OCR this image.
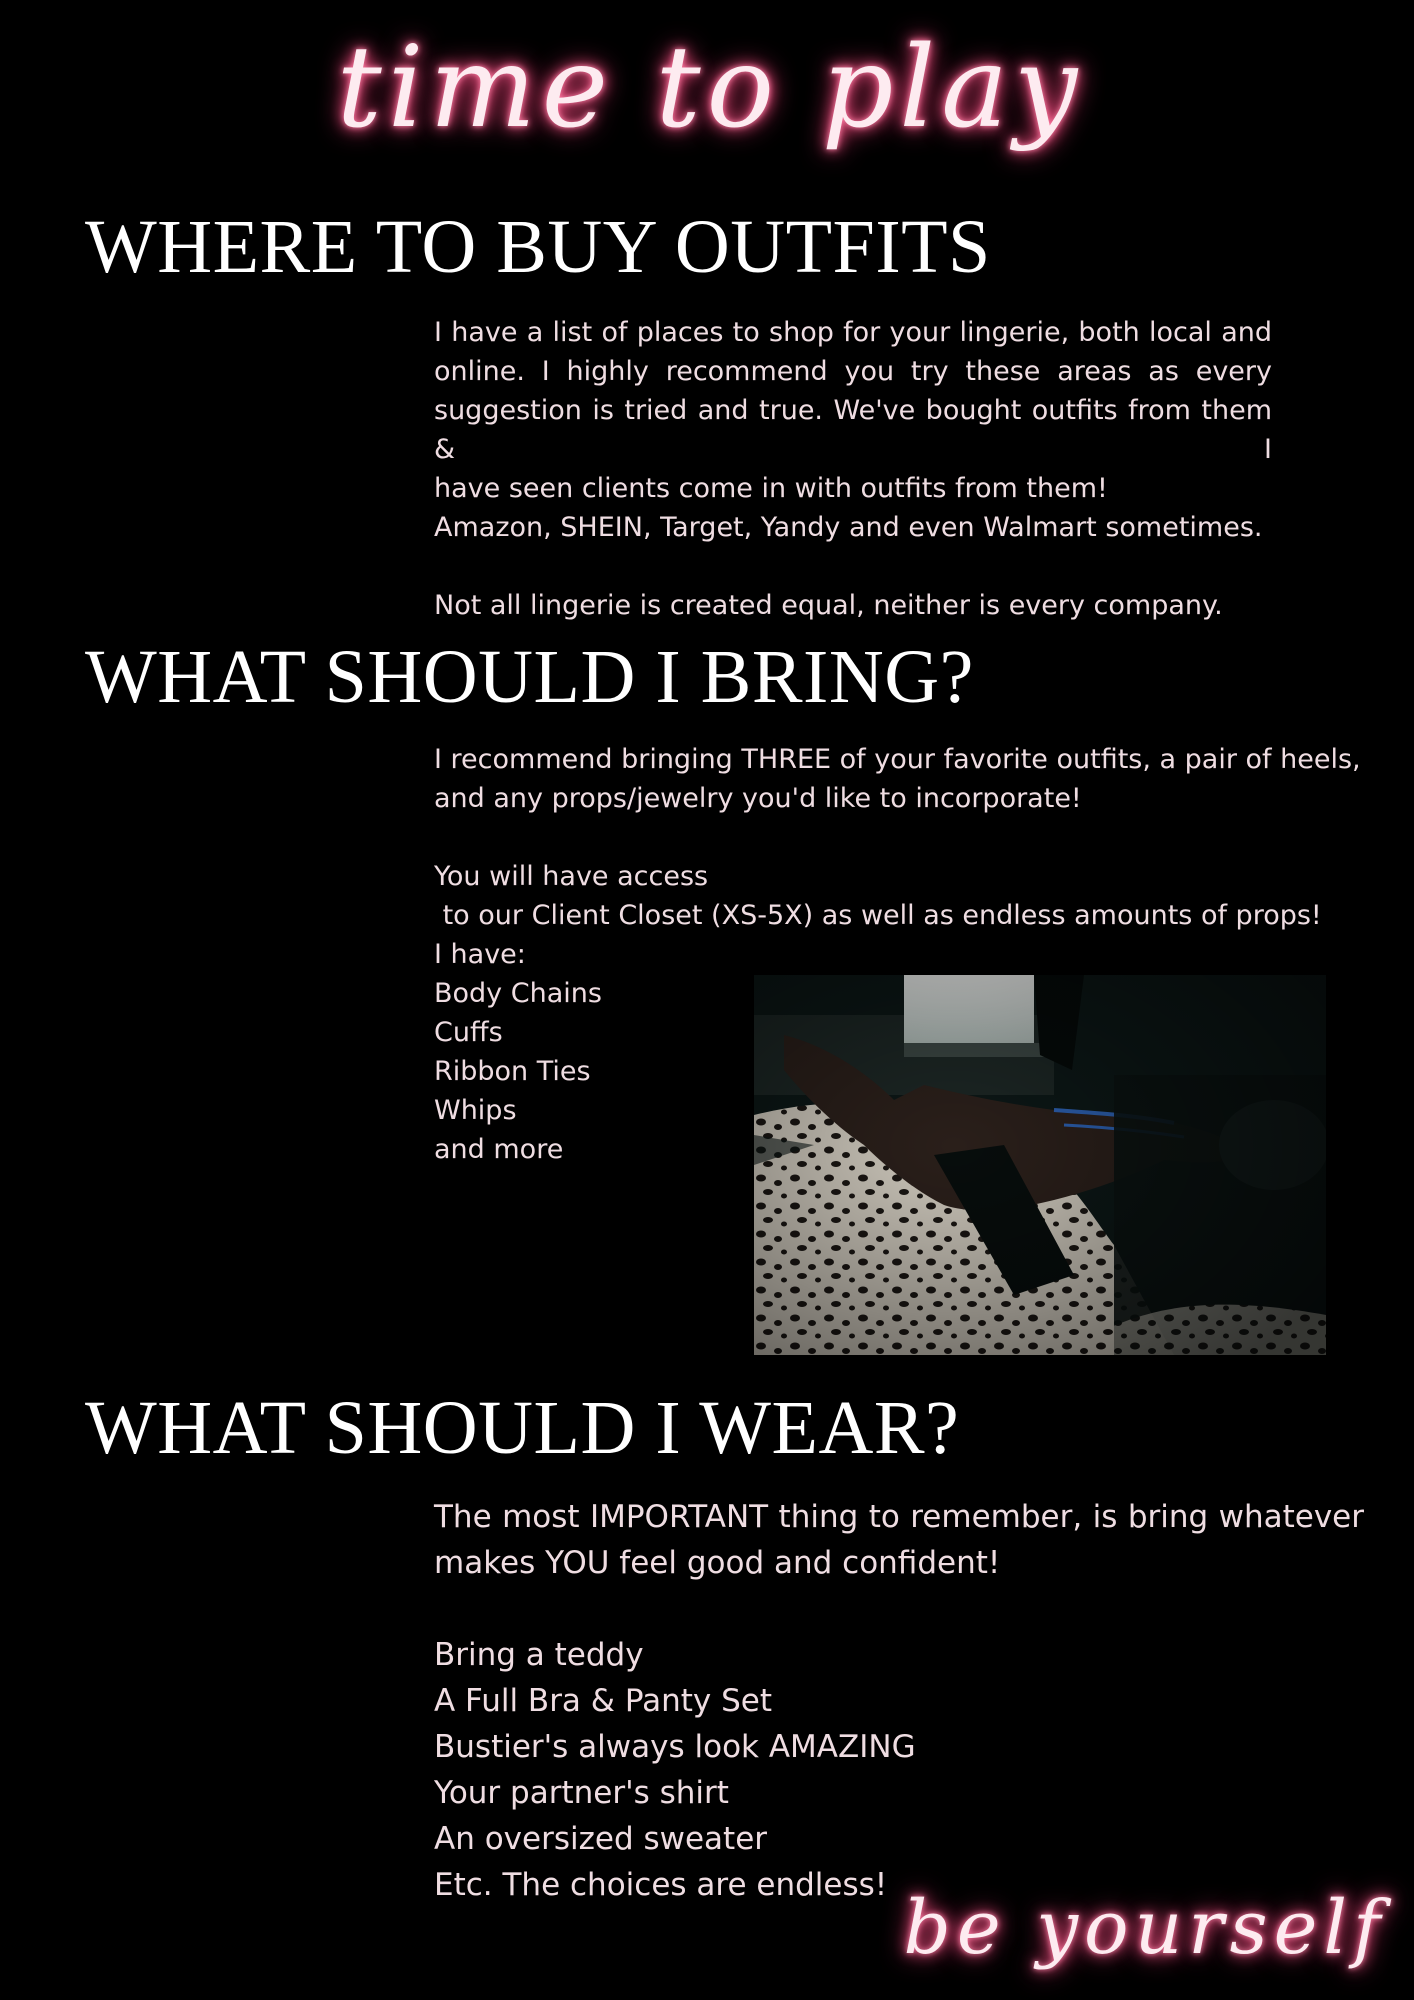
time to play
WHERE TO BUY OUTFITS
I have a list of places to shop for your lingerie, both local and
online. I highly recommend you try these areas as every
suggestion is tried and true. We've bought outfits from them & I
have seen clients come in with outfits from them!
Amazon, SHEIN, Target, Yandy and even Walmart sometimes.
Not all lingerie is created equal, neither is every company.
WHAT SHOULD I BRING?
I recommend bringing THREE of your favorite outfits, a pair of heels,
and any props/jewelry you'd like to incorporate!
You will have access
to our Client Closet (XS-5X) as well as endless amounts of props!
I have:
Body Chains
Cuffs
Ribbon Ties
Whips
and more
WHAT SHOULD I WEAR?
The most IMPORTANT thing to remember, is bring whatever
makes YOU feel good and confident!
Bring a teddy
A Full Bra & Panty Set
Bustier's always look AMAZING
Your partner's shirt
An oversized sweater
Etc. The choices are endless! be yourself
